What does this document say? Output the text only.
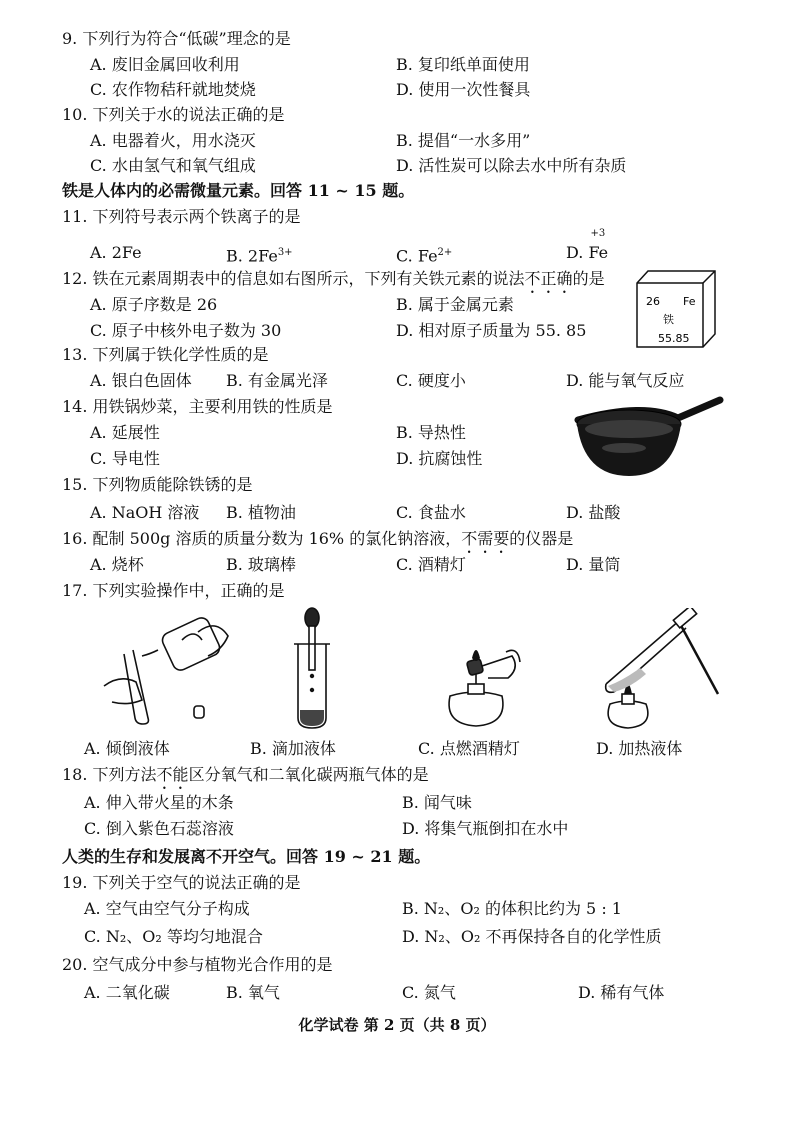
9. 下列行为符合“低碳”理念的是
A. 废旧金属回收利用	B. 复印纸单面使用
C. 农作物秸秆就地焚烧	D. 使用一次性餐具
10. 下列关于水的说法正确的是
A. 电器着火，用水浇灭	B. 提倡“一水多用”
C. 水由氢气和氧气组成	D. 活性炭可以除去水中所有杂质
铁是人体内的必需微量元素。回答 11 ~ 15 题。
11. 下列符号表示两个铁离子的是
A. 2Fe	B. $2Fe^{3+}$	C. $Fe^{2+}$	D.
+3
Fe
12. 铁在元素周期表中的信息如右图所示，下列有关铁元素的说法不正确的是
A. 原子序数是 26	B. 属于金属元素
C. 原子中核外电子数为 30	D. 相对原子质量为 55. 85
26 Fe
铁
55.85
13. 下列属于铁化学性质的是
A. 银白色固体 B. 有金属光泽	C. 硬度小	D. 能与氧气反应
14. 用铁锅炒菜，主要利用铁的性质是
A. 延展性	B. 导热性
C. 导电性	D. 抗腐蚀性
15. 下列物质能除铁锈的是
A. NaOH 溶液 B. 植物油	C. 食盐水	D. 盐酸
16. 配制 500g 溶质的质量分数为 16% 的氯化钠溶液，不需要的仪器是
A. 烧杯	B. 玻璃棒	C. 酒精灯	D. 量筒
17. 下列实验操作中，正确的是
A. 倾倒液体	B. 滴加液体	C. 点燃酒精灯	D. 加热液体
18. 下列方法不能区分氧气和二氧化碳两瓶气体的是
A. 伸入带火星的木条	B. 闻气味
C. 倒入紫色石蕊溶液	D. 将集气瓶倒扣在水中
人类的生存和发展离不开空气。回答 19 ~ 21 题。
19. 下列关于空气的说法正确的是
A. 空气由空气分子构成	B. N₂、O₂ 的体积比约为 5 : 1
C. N₂、O₂ 等均匀地混合	D. N₂、O₂ 不再保持各自的化学性质
20. 空气成分中参与植物光合作用的是
A. 二氧化碳	B. 氧气	C. 氮气	D. 稀有气体
化学试卷 第 2 页（共 8 页）
